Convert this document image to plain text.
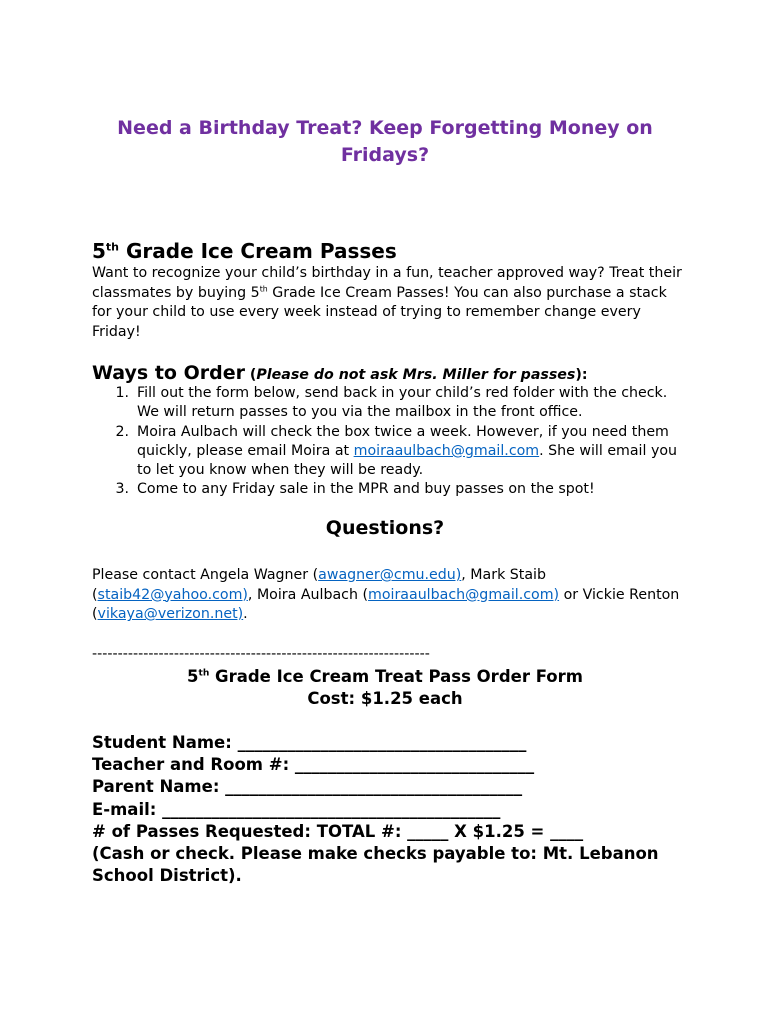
Need a Birthday Treat? Keep Forgetting Money on Fridays?
5th Grade Ice Cream Passes
Want to recognize your child’s birthday in a fun, teacher approved way? Treat their classmates by buying 5th Grade Ice Cream Passes! You can also purchase a stack for your child to use every week instead of trying to remember change every Friday!
Ways to Order (Please do not ask Mrs. Miller for passes):
1. Fill out the form below, send back in your child’s red folder with the check. We will return passes to you via the mailbox in the front office.
2. Moira Aulbach will check the box twice a week. However, if you need them quickly, please email Moira at moiraaulbach@gmail.com. She will email you to let you know when they will be ready.
3. Come to any Friday sale in the MPR and buy passes on the spot!
Questions?
Please contact Angela Wagner (awagner@cmu.edu), Mark Staib (staib42@yahoo.com), Moira Aulbach (moiraaulbach@gmail.com) or Vickie Renton (vikaya@verizon.net).
------------------------------------------------------------------
5th Grade Ice Cream Treat Pass Order Form
Cost: $1.25 each
Student Name: ___________________________________
Teacher and Room #: _____________________________
Parent Name: ____________________________________
E-mail: _________________________________________
# of Passes Requested: TOTAL #: _____ X $1.25 = ____
(Cash or check. Please make checks payable to: Mt. Lebanon School District).
